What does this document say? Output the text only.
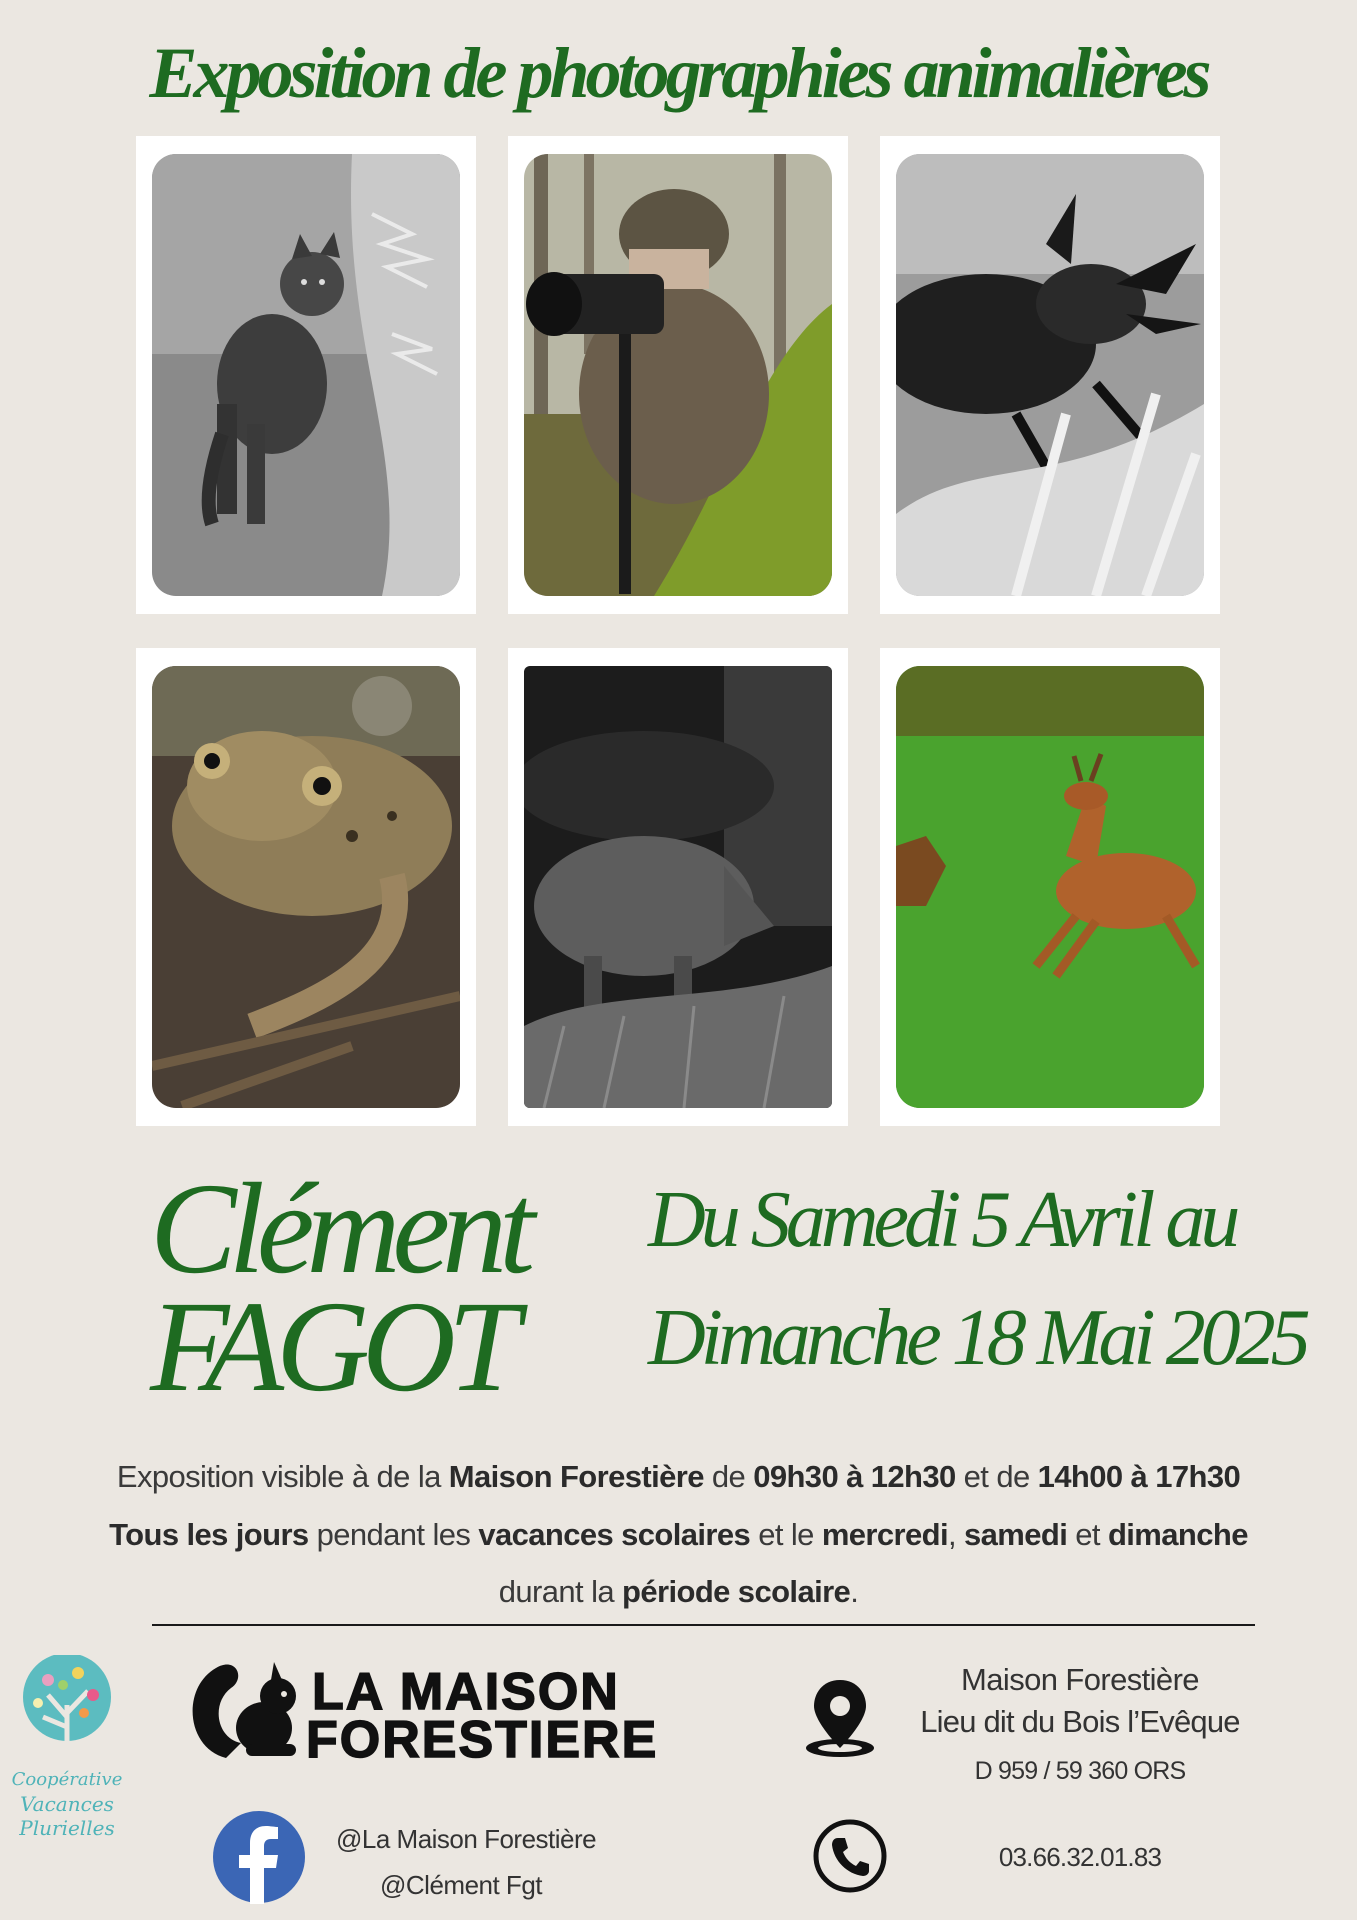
Exposition de photographies animalières
Clément
FAGOT
Du Samedi 5 Avril au
Dimanche 18 Mai 2025
Exposition visible à de la Maison Forestière de 09h30 à 12h30 et de 14h00 à 17h30
Tous les jours pendant les vacances scolaires et le mercredi, samedi et dimanche
durant la période scolaire.
Coopérative
Vacances
Plurielles
LA MAISON
FORESTIERE
Maison Forestière
Lieu dit du Bois l’Evêque
D 959 / 59 360 ORS
@La Maison Forestière
@Clément Fgt
03.66.32.01.83
